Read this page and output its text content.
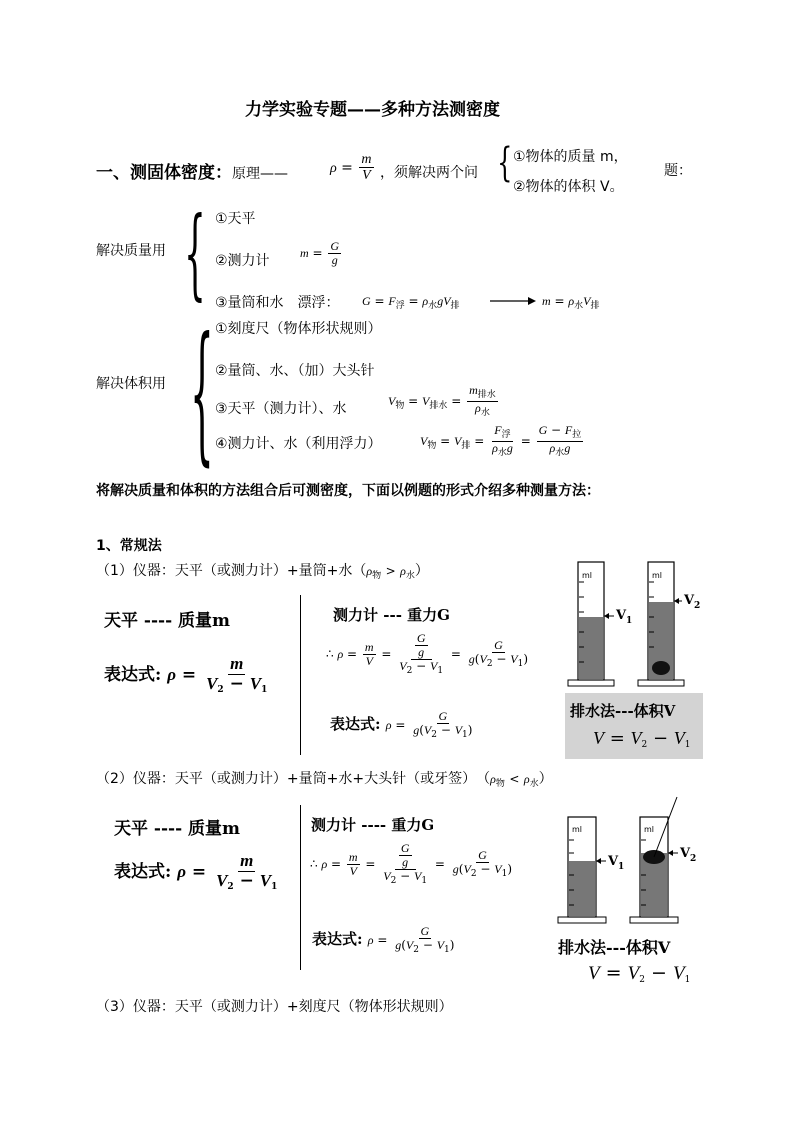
力学实验专题——多种方法测密度
一、测固体密度：原理——	$\rho = \frac{m}{V}$ ，须解决两个问 { ①物体的质量 m，
②物体的体积 V。
题：
解决质量用 { ①天平
②测力计	$m = \frac{G}{g}$
③量筒和水　漂浮： $G = F_浮 = \rho_水gV_排$	$m = \rho_水V_排$
解决体积用 { ①刻度尺（物体形状规则）
②量筒、水、（加）大头针
③天平（测力计）、水
$V_物 = V_{排水} = \frac{m_{排水}}{\rho_水}$
④测力计、水（利用浮力）	$V_物 = V_排 = \frac{F_浮}{\rho_水g} = \frac{G - F_拉}{\rho_水g}$
将解决质量和体积的方法组合后可测密度，下面以例题的形式介绍多种测量方法：
1、常规法
（1）仪器：天平（或测力计）+量筒+水$(\rho_物 > \rho_水)$
天平 ---- 质量m
表达式: $\rho = \frac{m}{V_2 - V_1}$
测力计 --- 重力G
∴ $\rho = \frac{m}{V} = \frac{\frac{G}{g}}{V_2 - V_1} = \frac{G}{g(V_2 - V_1)}$
表达式: $\rho = \frac{G}{g(V_2 - V_1)}$
ml
V 1
ml
V 2
排水法---体积V
$V = V_2 - V_1$
（2）仪器：天平（或测力计）+量筒+水+大头针（或牙签）　$(\rho_物 < \rho_水)$
天平 ---- 质量m
表达式: $\rho = \frac{m}{V_2 - V_1}$
测力计 ---- 重力G
∴ $\rho = \frac{m}{V} = \frac{\frac{G}{g}}{V_2 - V_1} = \frac{G}{g(V_2 - V_1)}$
表达式: $\rho = \frac{G}{g(V_2 - V_1)}$
ml
V 1
ml
V 2
排水法---体积V
$V = V_2 - V_1$
（3）仪器：天平（或测力计）+刻度尺（物体形状规则）
